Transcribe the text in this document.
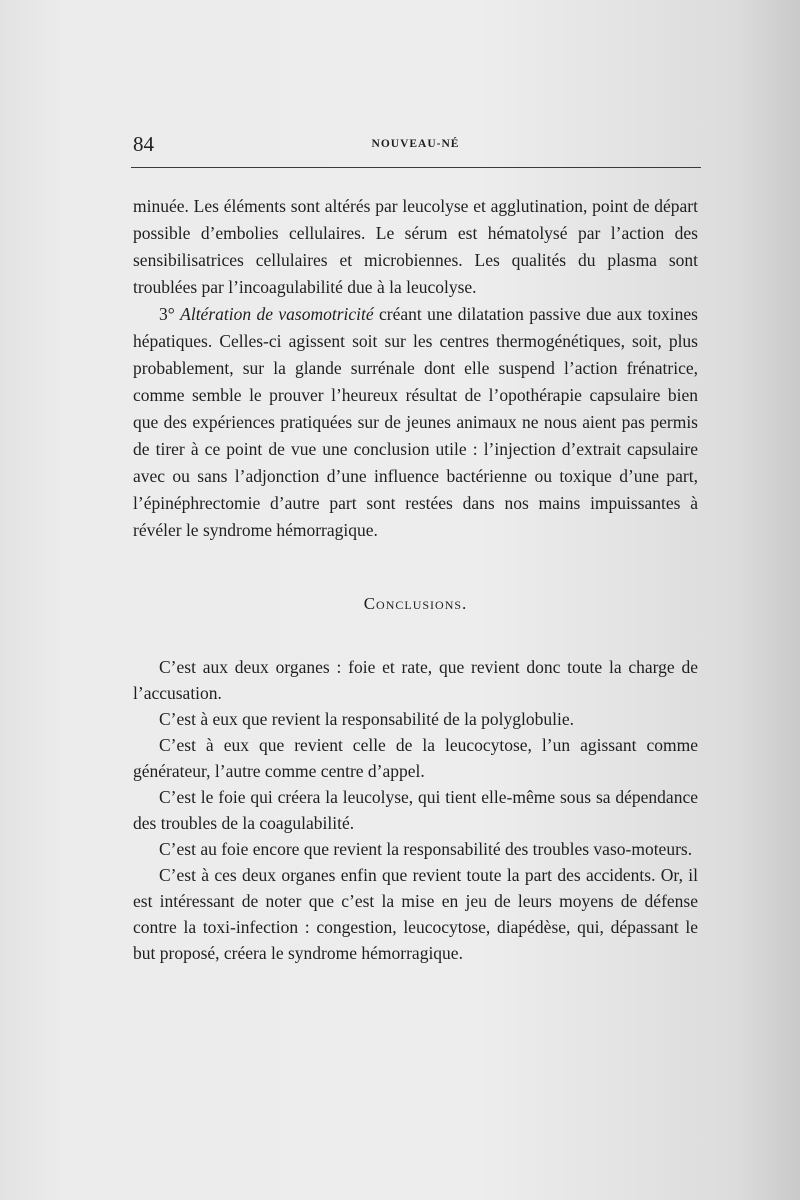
84	NOUVEAU-NÉ

minuée. Les éléments sont altérés par leucolyse et agglutination, point de départ possible d’embolies cellulaires. Le sérum est hématolysé par l’action des sensibilisatrices cellulaires et microbiennes. Les qualités du plasma sont troublées par l’incoagulabilité due à la leucolyse.

3° Altération de vasomotricité créant une dilatation passive due aux toxines hépatiques. Celles-ci agissent soit sur les centres thermogénétiques, soit, plus probablement, sur la glande surrénale dont elle suspend l’action frénatrice, comme semble le prouver l’heureux résultat de l’opothérapie capsulaire bien que des expériences pratiquées sur de jeunes animaux ne nous aient pas permis de tirer à ce point de vue une conclusion utile : l’injection d’extrait capsulaire avec ou sans l’adjonction d’une influence bactérienne ou toxique d’une part, l’épinéphrectomie d’autre part sont restées dans nos mains impuissantes à révéler le syndrome hémorragique.

Conclusions.

C’est aux deux organes : foie et rate, que revient donc toute la charge de l’accusation.

C’est à eux que revient la responsabilité de la polyglobulie.

C’est à eux que revient celle de la leucocytose, l’un agissant comme générateur, l’autre comme centre d’appel.

C’est le foie qui créera la leucolyse, qui tient elle-même sous sa dépendance des troubles de la coagulabilité.

C’est au foie encore que revient la responsabilité des troubles vaso-moteurs.

C’est à ces deux organes enfin que revient toute la part des accidents. Or, il est intéressant de noter que c’est la mise en jeu de leurs moyens de défense contre la toxi-infection : congestion, leucocytose, diapédèse, qui, dépassant le but proposé, créera le syndrome hémorragique.
